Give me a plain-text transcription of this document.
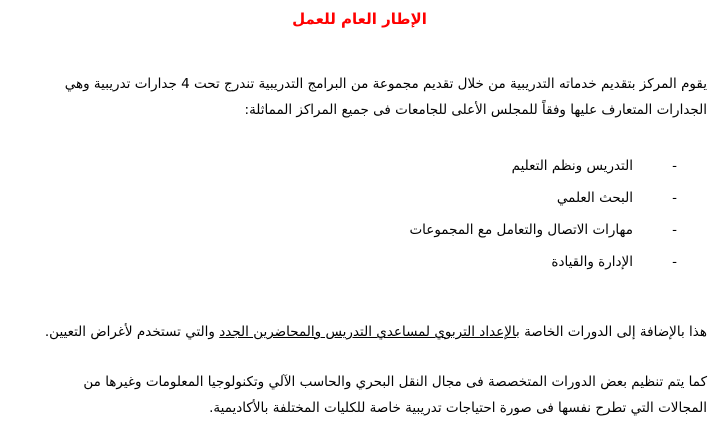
الإطار العام للعمل
يقوم المركز بتقديم خدماته التدريبية من خلال تقديم مجموعة من البرامج التدريبية تندرج تحت 4 جدارات تدريبية وهي
الجدارات المتعارف عليها وفقاً للمجلس الأعلى للجامعات فى جميع المراكز المماثلة:
-
التدريس ونظم التعليم
-
البحث العلمي
-
مهارات الاتصال والتعامل مع المجموعات
-
الإدارة والقيادة
هذا بالإضافة إلى الدورات الخاصة بالإعداد التربوي لمساعدي التدريس والمحاضرين الجدد والتي تستخدم لأغراض التعيين.
كما يتم تنظيم بعض الدورات المتخصصة فى مجال النقل البحري والحاسب الآلي وتكنولوجيا المعلومات وغيرها من
المجالات التي تطرح نفسها فى صورة احتياجات تدريبية خاصة للكليات المختلفة بالأكاديمية.
